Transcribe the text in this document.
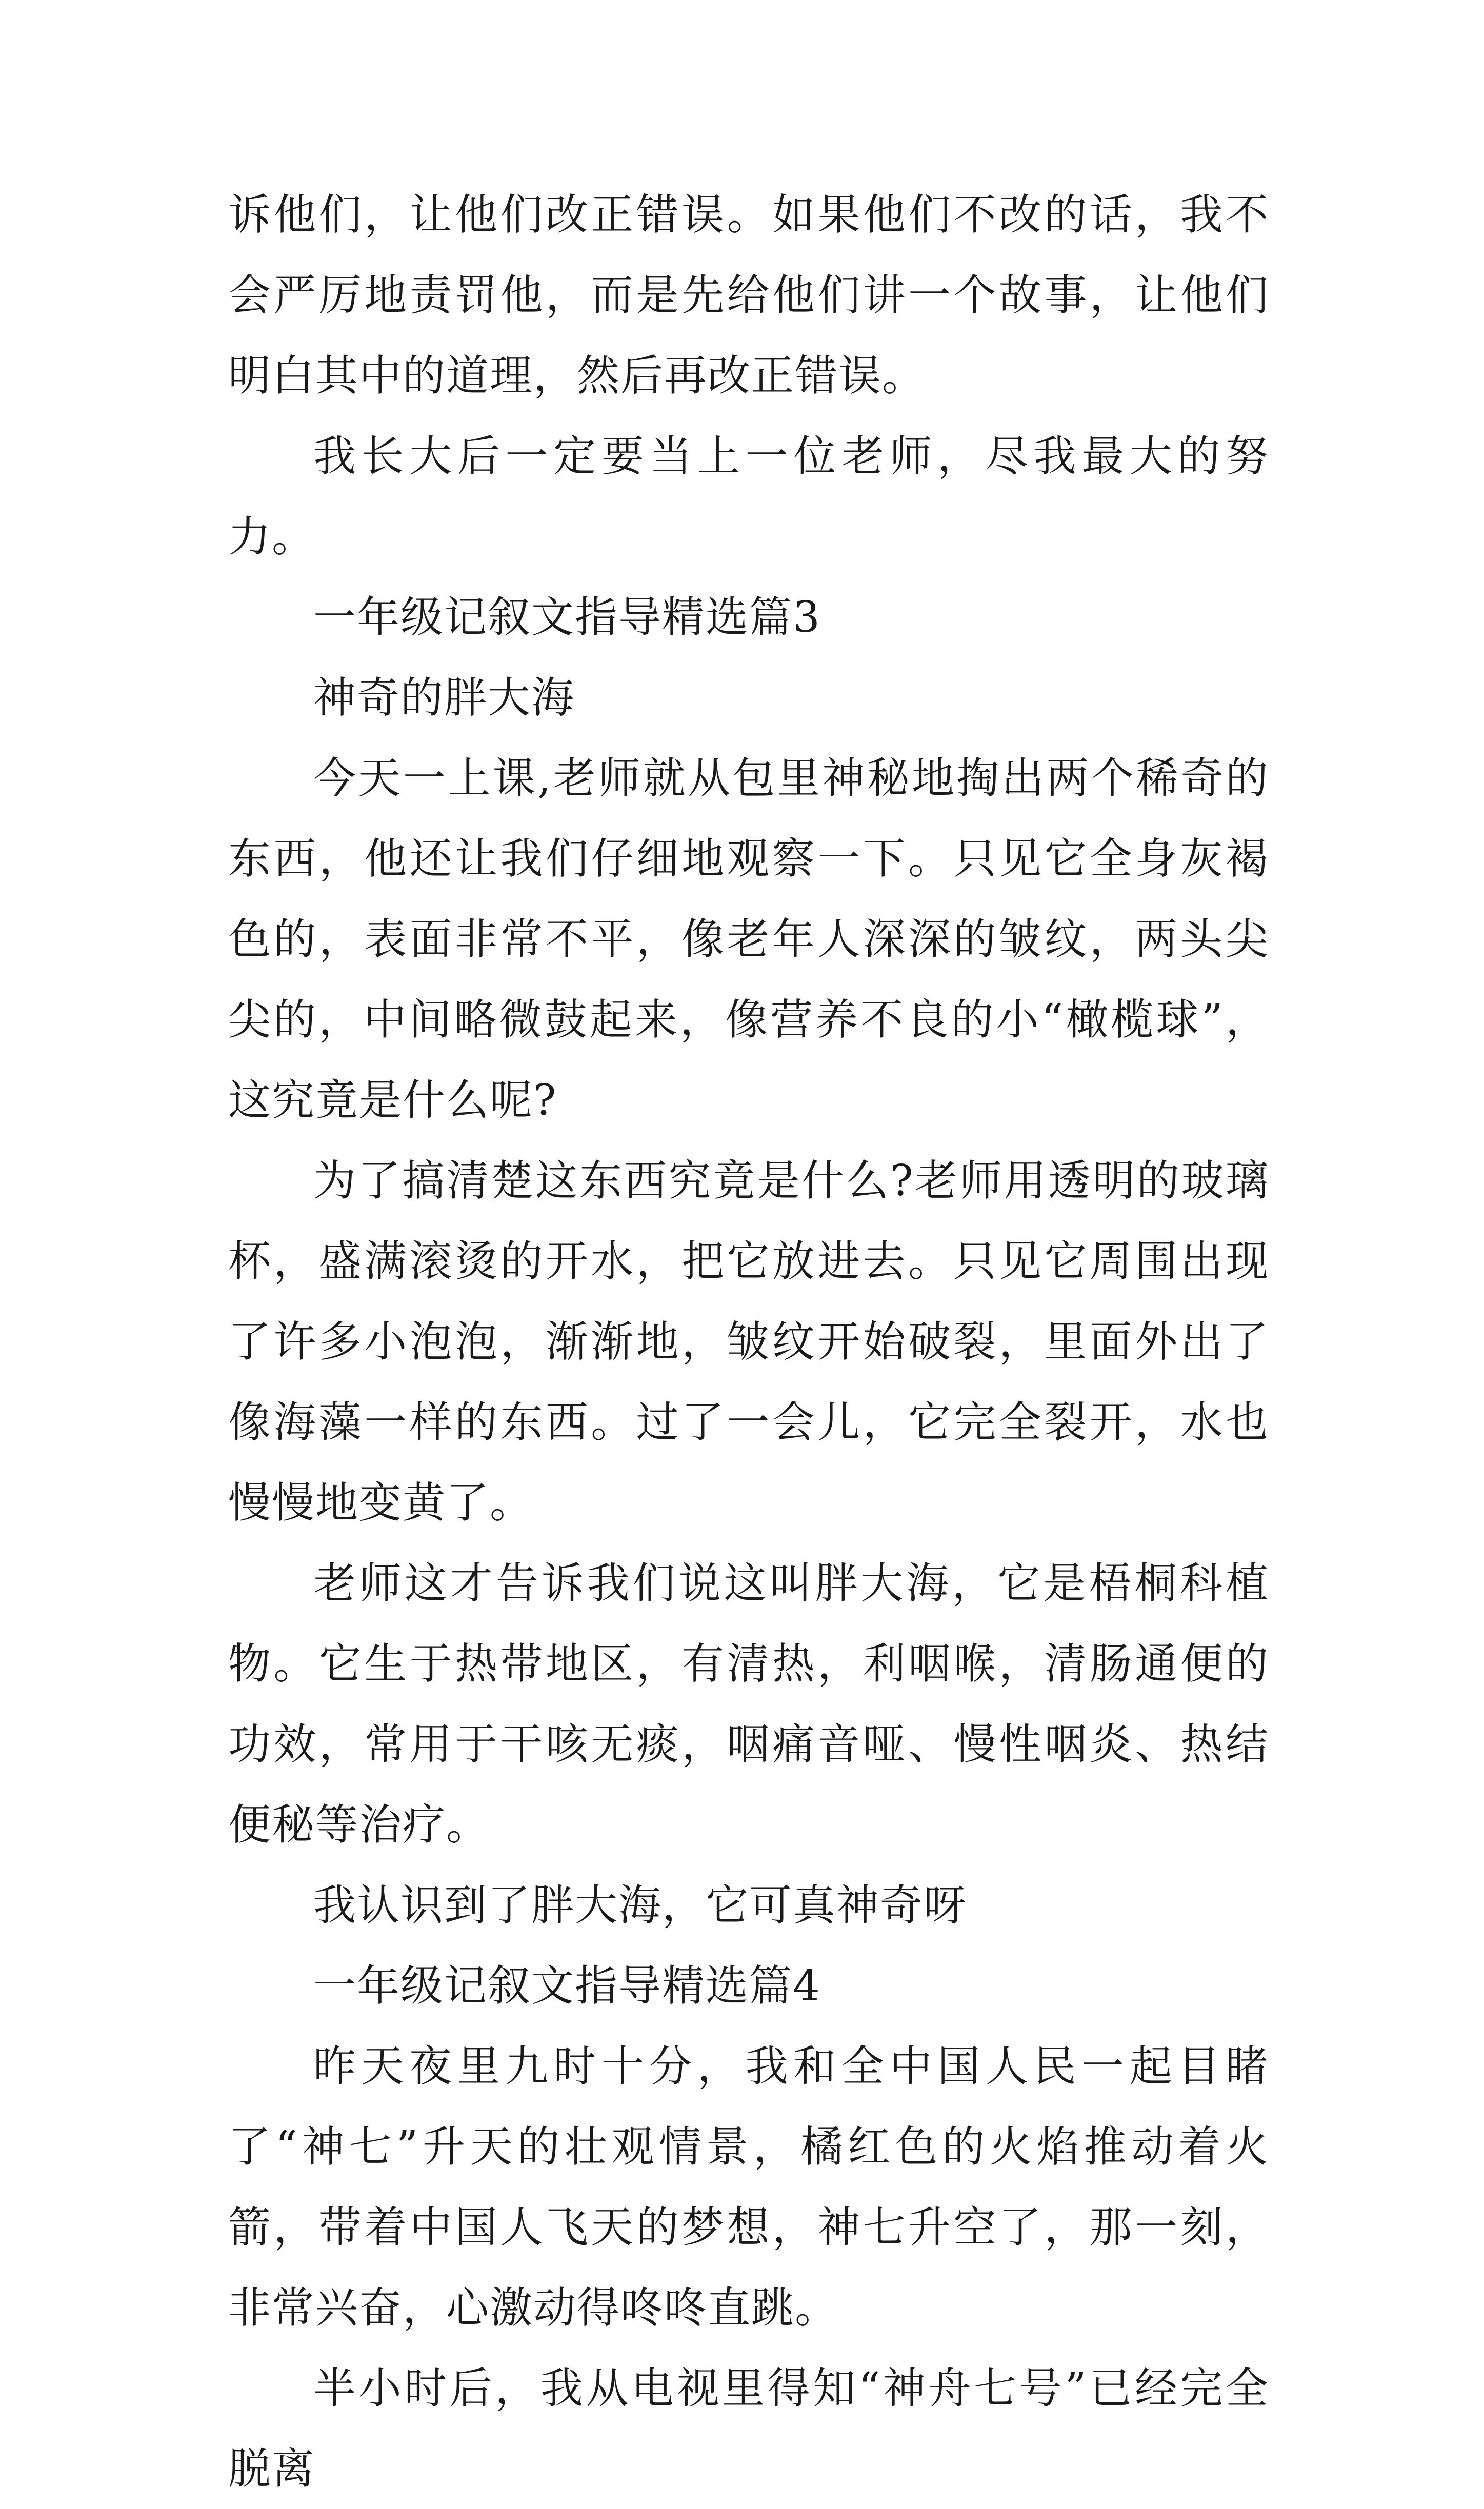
诉他们，让他们改正错误。如果他们不改的话，我不会严厉地责罚他，而是先给他们讲一个故事，让他们明白其中的道理，然后再改正错误。

我长大后一定要当上一位老师，尽我最大的努力。

一年级记叙文指导精选篇3

神奇的胖大海

今天一上课,老师就从包里神秘地掏出两个稀奇的东西，他还让我们仔细地观察一下。只见它全身灰褐色的，表面非常不平，像老年人深深的皱纹，两头尖尖的，中间略微鼓起来，像营养不良的小“橄榄球”，这究竟是什么呢?

为了搞清楚这东西究竟是什么?老师用透明的玻璃杯，盛满滚烫的开水，把它放进去。只见它周围出现了许多小泡泡，渐渐地，皱纹开始破裂，里面外出了像海藻一样的东西。过了一会儿，它完全裂开，水也慢慢地变黄了。

老师这才告诉我们说这叫胖大海，它是梧桐科植物。它生于热带地区，有清热，利咽喉，清肠通便的功效，常用于干咳无痰，咽痛音哑、慢性咽炎、热结便秘等治疗。

我认识到了胖大海，它可真神奇呀

一年级记叙文指导精选篇4

昨天夜里九时十分，我和全中国人民一起目睹了“神七”升天的壮观情景，橘红色的火焰推动着火箭，带着中国人飞天的梦想，神七升空了，那一刻，非常兴奋，心激动得咚咚直跳。

半小时后，我从电视里得知“神舟七号”已经完全脱离
